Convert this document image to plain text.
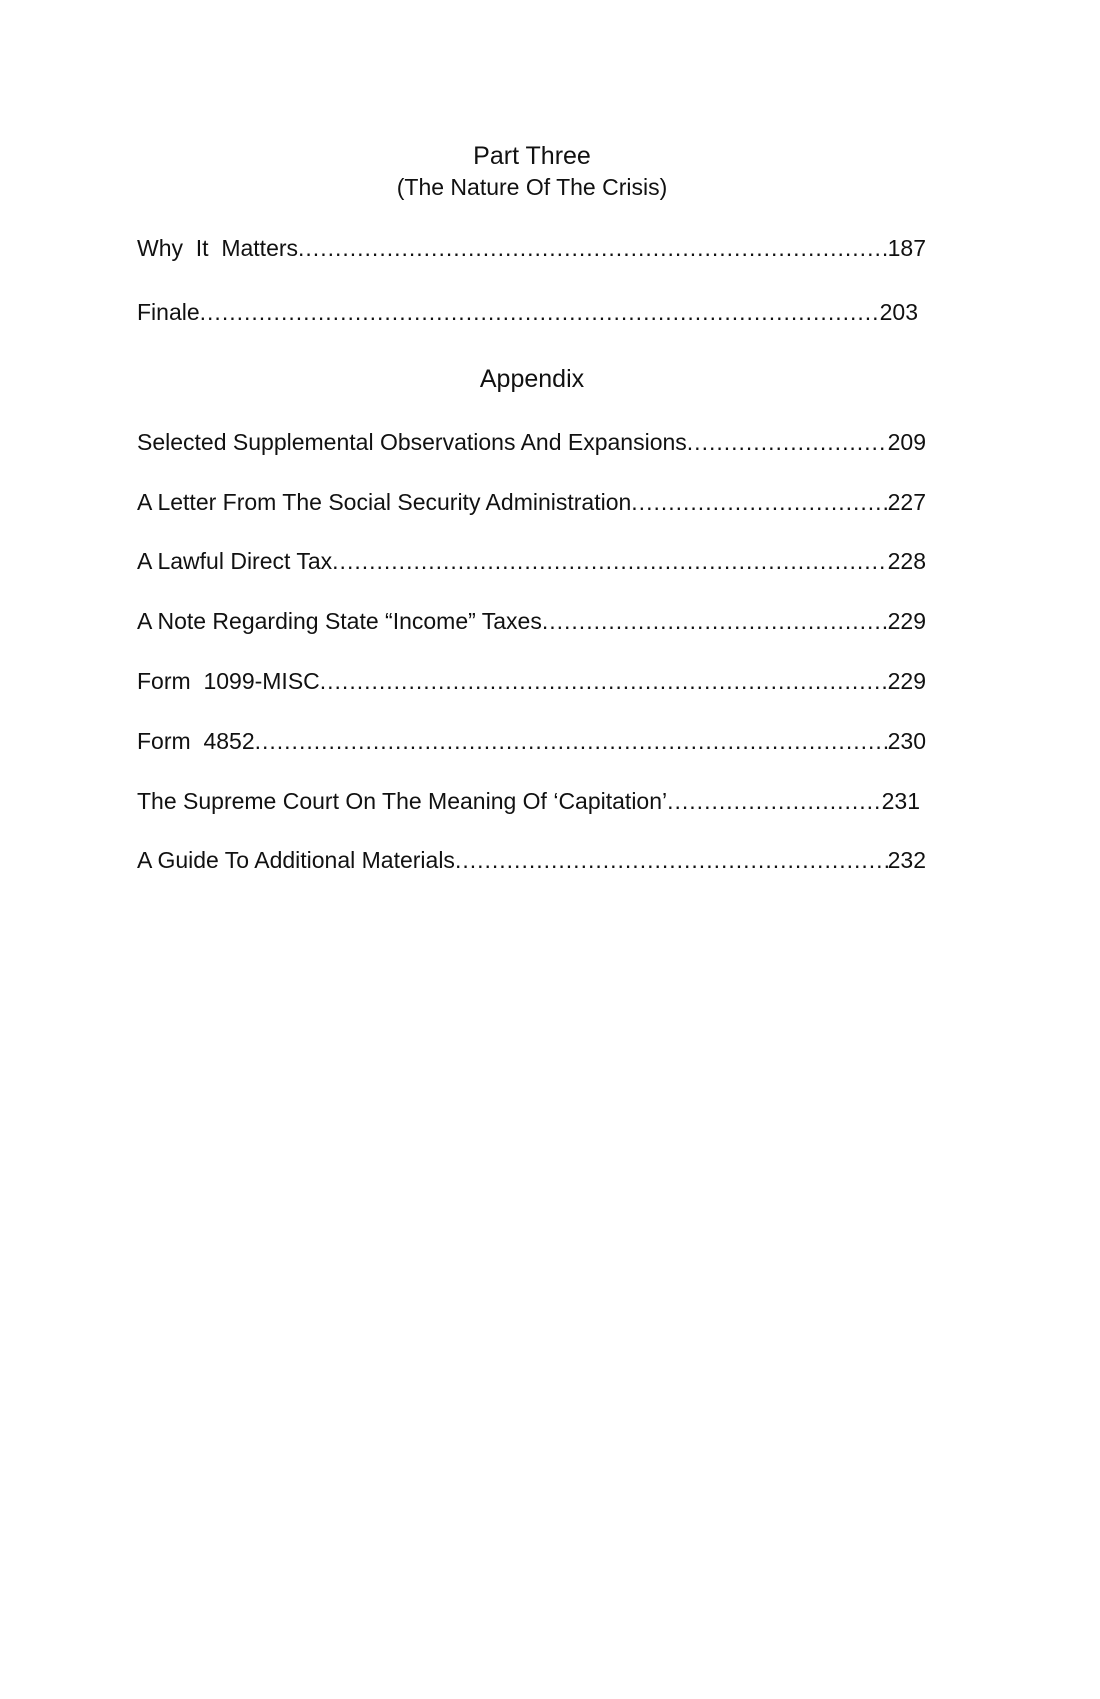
Part Three
(The Nature Of The Crisis)
Why  It  Matters .....	187
Finale .....	203
Appendix
Selected Supplemental Observations And Expansions .....	209
A Letter From The Social Security Administration .....	227
A Lawful Direct Tax .....	228
A Note Regarding State “Income” Taxes .....	229
Form  1099-MISC .....	229
Form  4852 .....	230
The Supreme Court On The Meaning Of ‘Capitation’ .....	231
A Guide To Additional Materials .....	232
